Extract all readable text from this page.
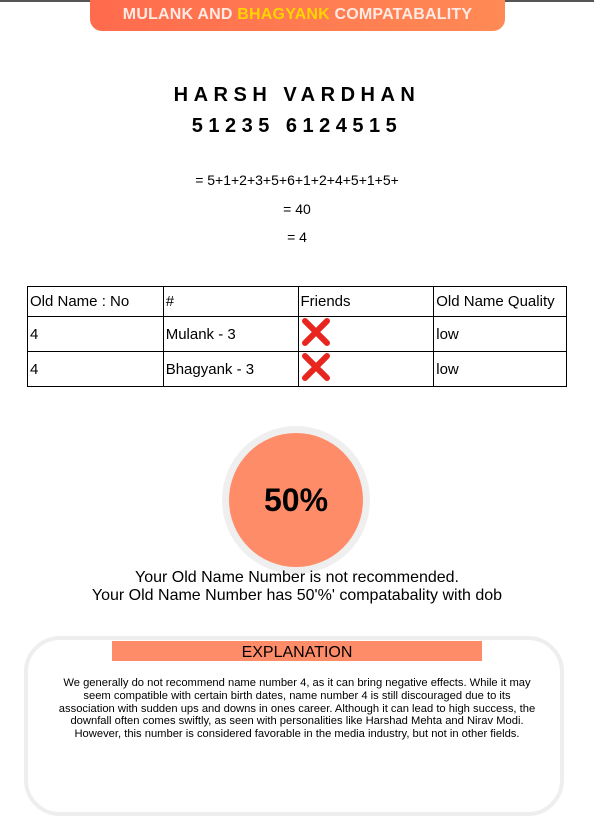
MULANK AND BHAGYANK COMPATABALITY
HARSH VARDHAN
51235 6124515
= 5+1+2+3+5+6+1+2+4+5+1+5+
= 40
= 4
Old Name : No	#	Friends	Old Name Quality
4	Mulank - 3		low
4	Bhagyank - 3		low
50%
Your Old Name Number is not recommended.
Your Old Name Number has 50'%' compatabality with dob
EXPLANATION
We generally do not recommend name number 4, as it can bring negative effects. While it may seem compatible with certain birth dates, name number 4 is still discouraged due to its association with sudden ups and downs in ones career. Although it can lead to high success, the downfall often comes swiftly, as seen with personalities like Harshad Mehta and Nirav Modi. However, this number is considered favorable in the media industry, but not in other fields.
